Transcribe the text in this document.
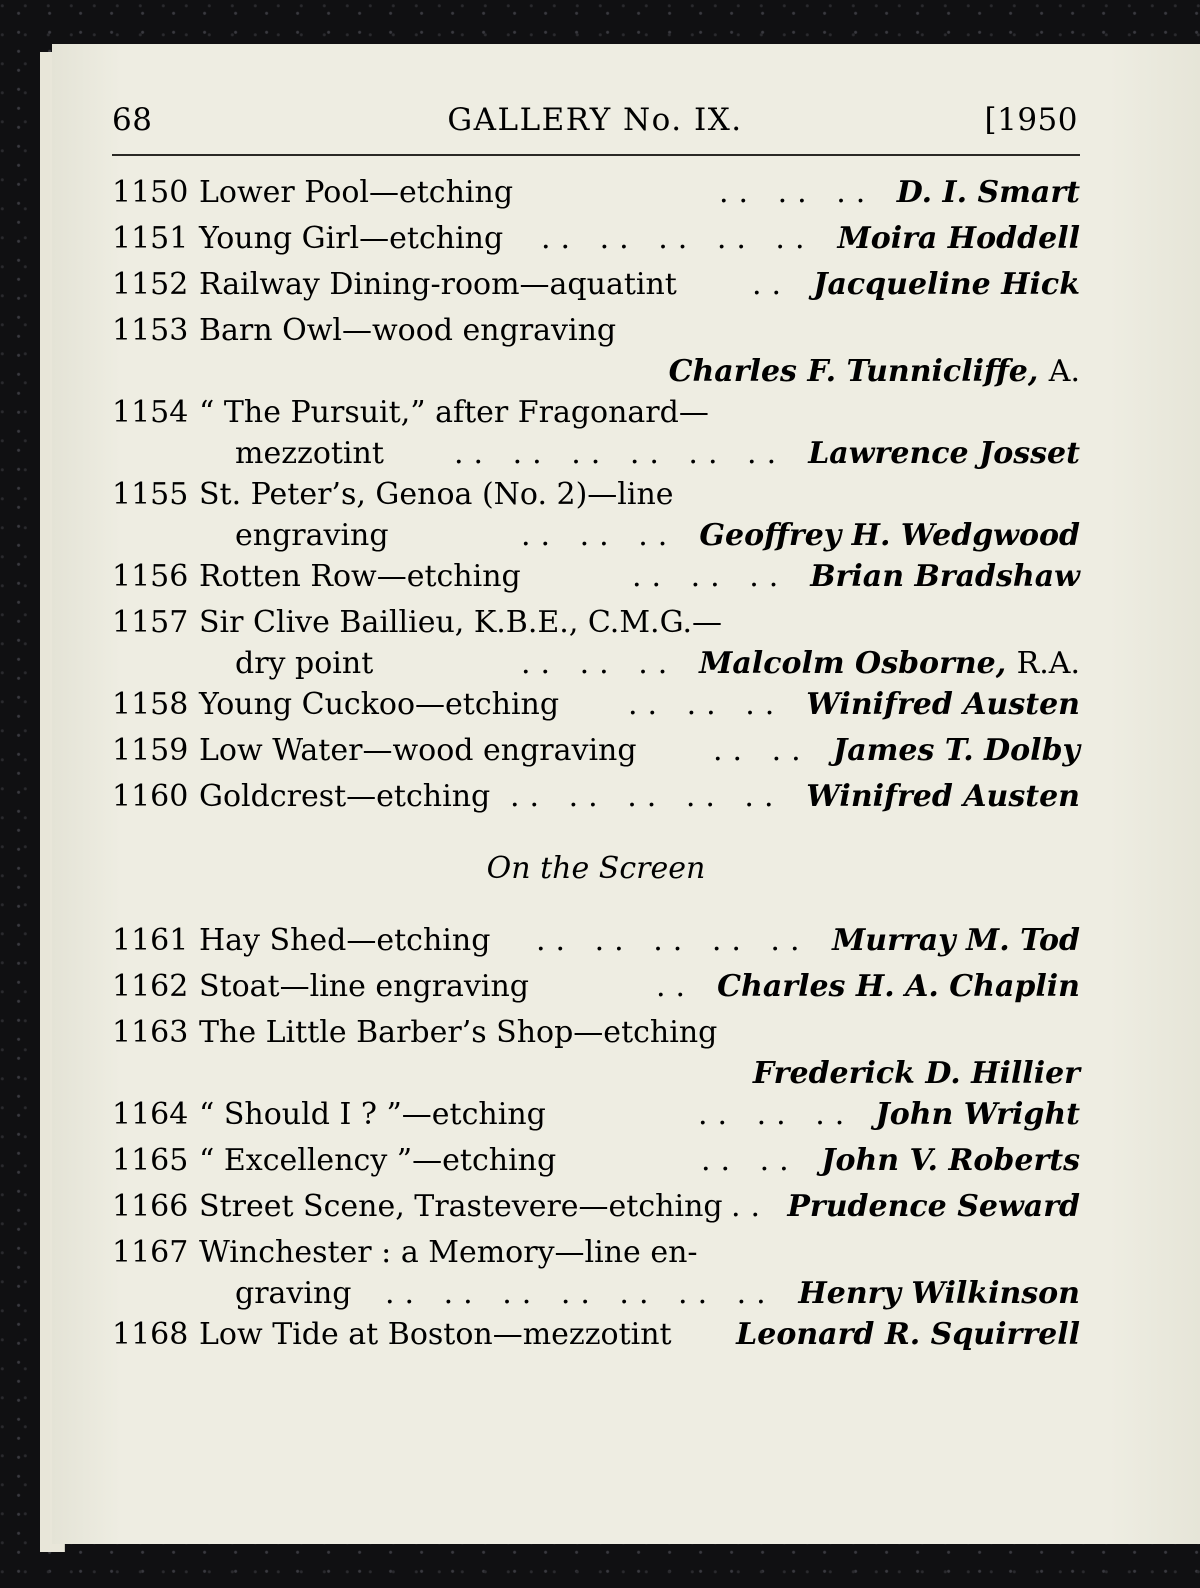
68	GALLERY No. IX.	[1950
1150 Lower Pool—etching	.. .. .. D. I. Smart
1151 Young Girl—etching .. .. .. .. .. Moira Hoddell
1152 Railway Dining-room—aquatint	.. Jacqueline Hick
1153 Barn Owl—wood engraving
Charles F. Tunnicliffe, A.
1154 “ The Pursuit,” after Fragonard—
mezzotint .. .. .. .. .. .. Lawrence Josset
1155 St. Peter’s, Genoa (No. 2)—line
engraving	.. .. .. Geoffrey H. Wedgwood
1156 Rotten Row—etching	.. .. .. Brian Bradshaw
1157 Sir Clive Baillieu, K.B.E., C.M.G.—
dry point	.. .. .. Malcolm Osborne, R.A.
1158 Young Cuckoo—etching .. .. .. Winifred Austen
1159 Low Water—wood engraving	.. .. James T. Dolby
1160 Goldcrest—etching .. .. .. .. .. Winifred Austen
On the Screen
1161 Hay Shed—etching .. .. .. .. .. Murray M. Tod
1162 Stoat—line engraving	.. Charles H. A. Chaplin
1163 The Little Barber’s Shop—etching
Frederick D. Hillier
1164 “ Should I ? ”—etching	.. .. .. John Wright
1165 “ Excellency ”—etching	.. .. John V. Roberts
1166 Street Scene, Trastevere—etching .. Prudence Seward
1167 Winchester : a Memory—line en-
graving .. .. .. .. .. .. .. Henry Wilkinson
1168 Low Tide at Boston—mezzotint Leonard R. Squirrell
